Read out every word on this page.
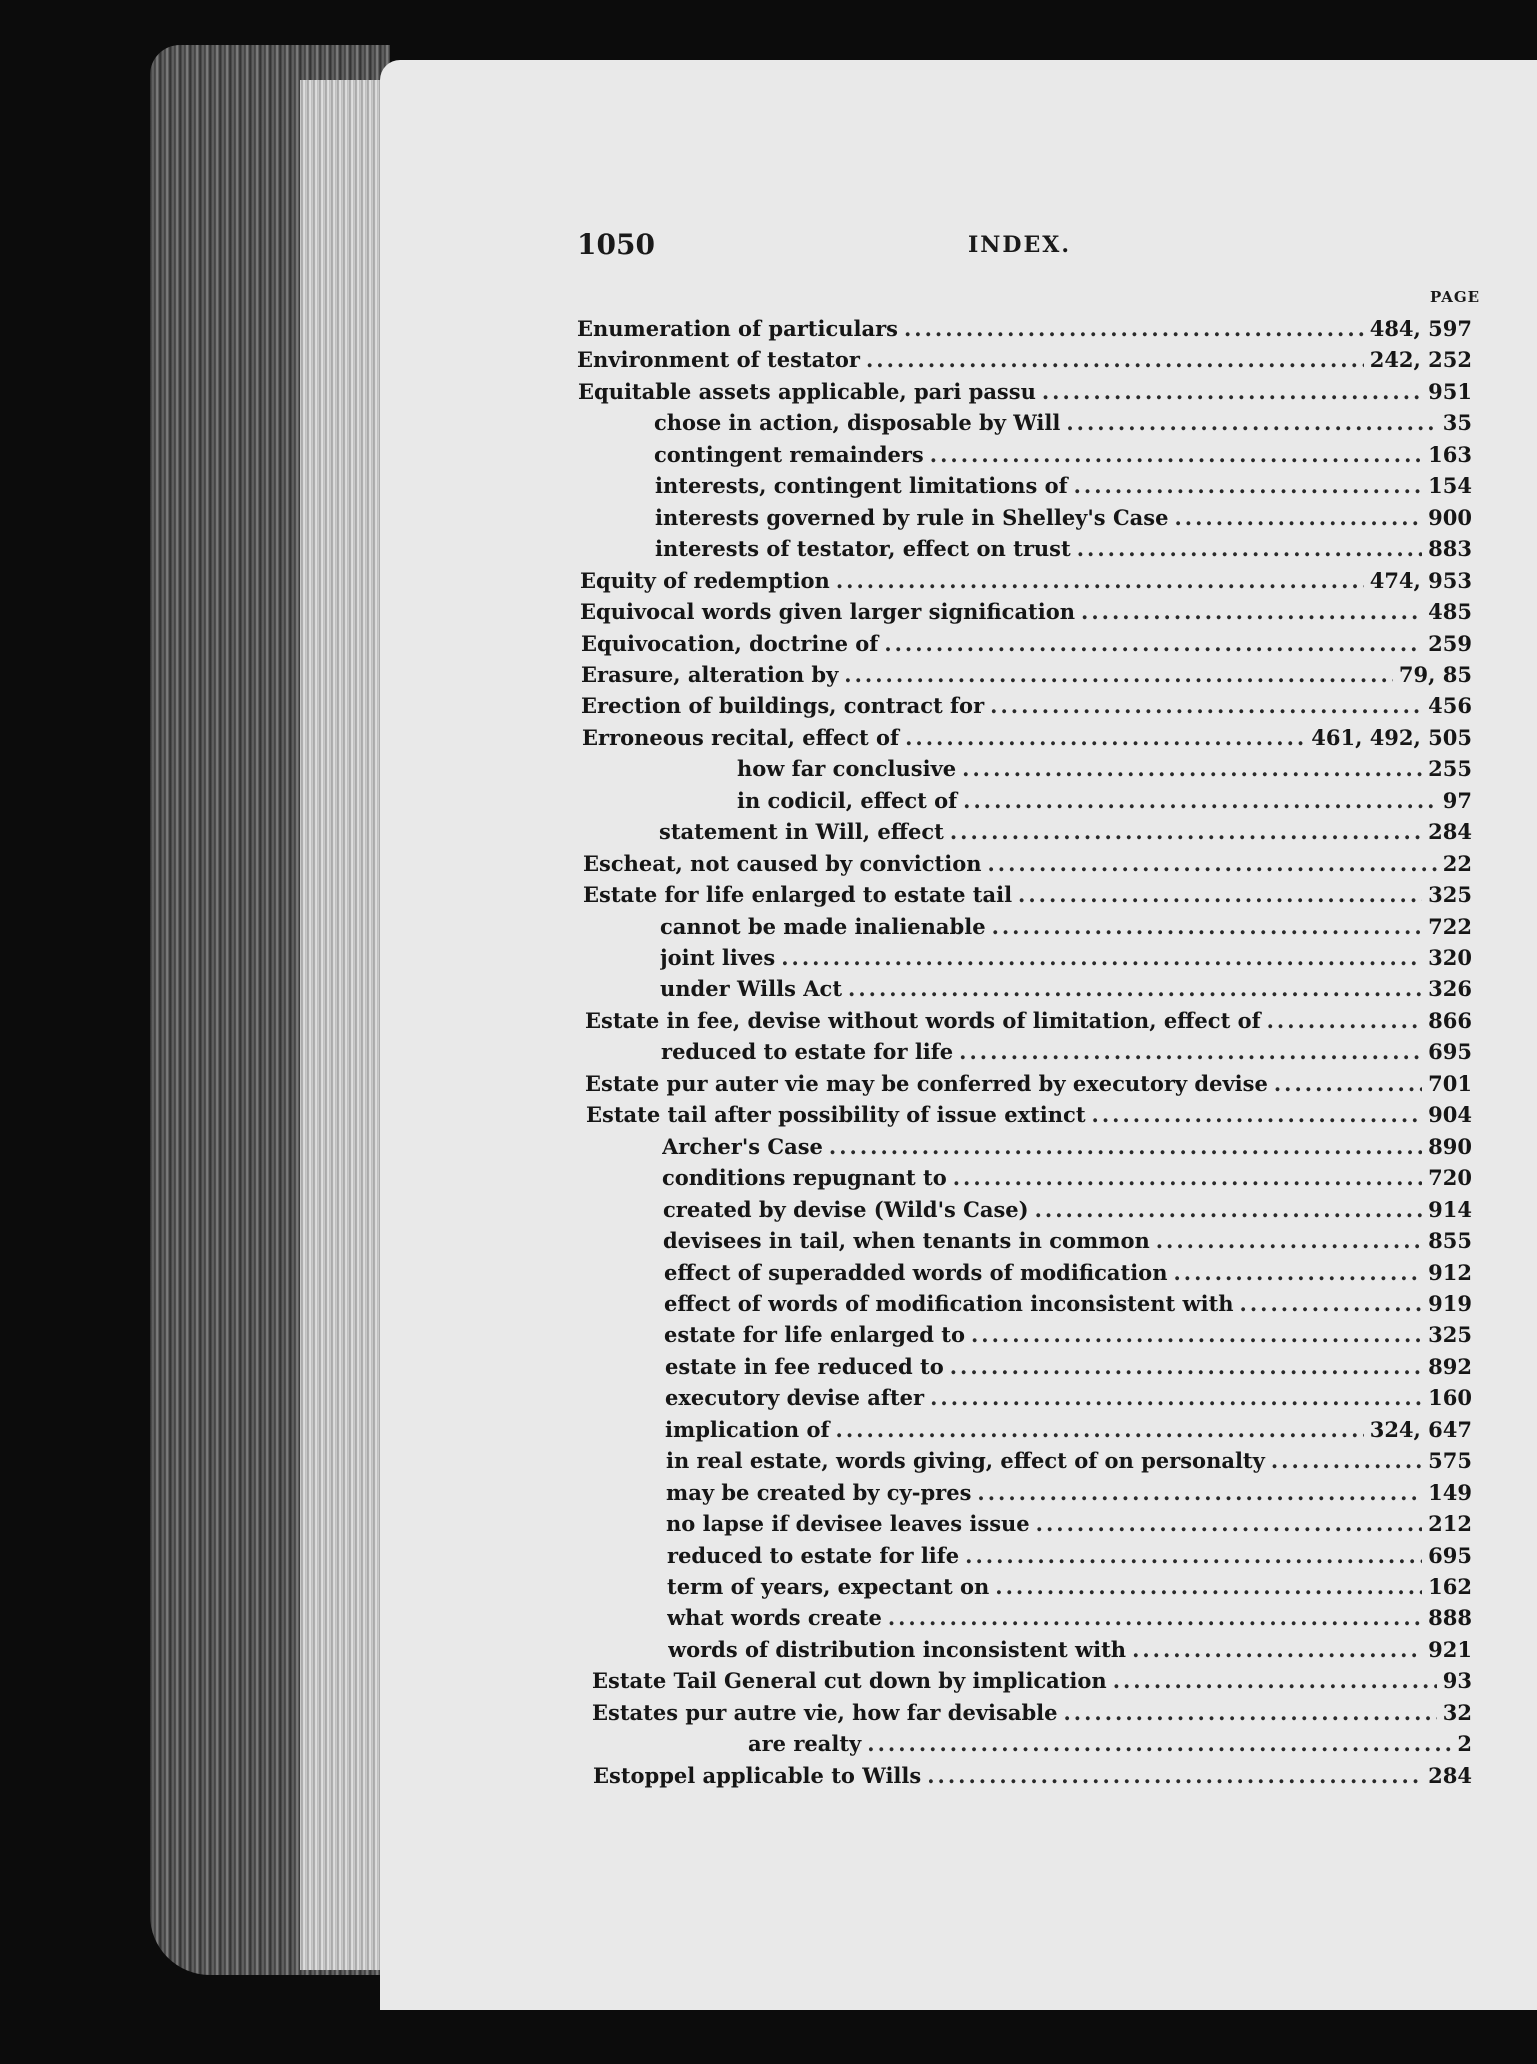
1050	INDEX.
PAGE
Enumeration of particulars .....	484, 597
Environment of testator .....	242, 252
Equitable assets applicable, pari passu .....	951
chose in action, disposable by Will .....	35
contingent remainders .....	163
interests, contingent limitations of .....	154
interests governed by rule in Shelley's Case .....	900
interests of testator, effect on trust .....	883
Equity of redemption .....	474, 953
Equivocal words given larger signification .....	485
Equivocation, doctrine of .....	259
Erasure, alteration by .....	79, 85
Erection of buildings, contract for .....	456
Erroneous recital, effect of .....	461, 492, 505
how far conclusive .....	255
in codicil, effect of .....	97
statement in Will, effect .....	284
Escheat, not caused by conviction .....	22
Estate for life enlarged to estate tail .....	325
cannot be made inalienable .....	722
joint lives .....	320
under Wills Act .....	326
Estate in fee, devise without words of limitation, effect of .....	866
reduced to estate for life .....	695
Estate pur auter vie may be conferred by executory devise .....	701
Estate tail after possibility of issue extinct .....	904
Archer's Case .....	890
conditions repugnant to .....	720
created by devise (Wild's Case) .....	914
devisees in tail, when tenants in common .....	855
effect of superadded words of modification .....	912
effect of words of modification inconsistent with .....	919
estate for life enlarged to .....	325
estate in fee reduced to .....	892
executory devise after .....	160
implication of .....	324, 647
in real estate, words giving, effect of on personalty .....	575
may be created by cy-pres .....	149
no lapse if devisee leaves issue .....	212
reduced to estate for life .....	695
term of years, expectant on .....	162
what words create .....	888
words of distribution inconsistent with .....	921
Estate Tail General cut down by implication .....	93
Estates pur autre vie, how far devisable .....	32
are realty .....	2
Estoppel applicable to Wills .....	284
